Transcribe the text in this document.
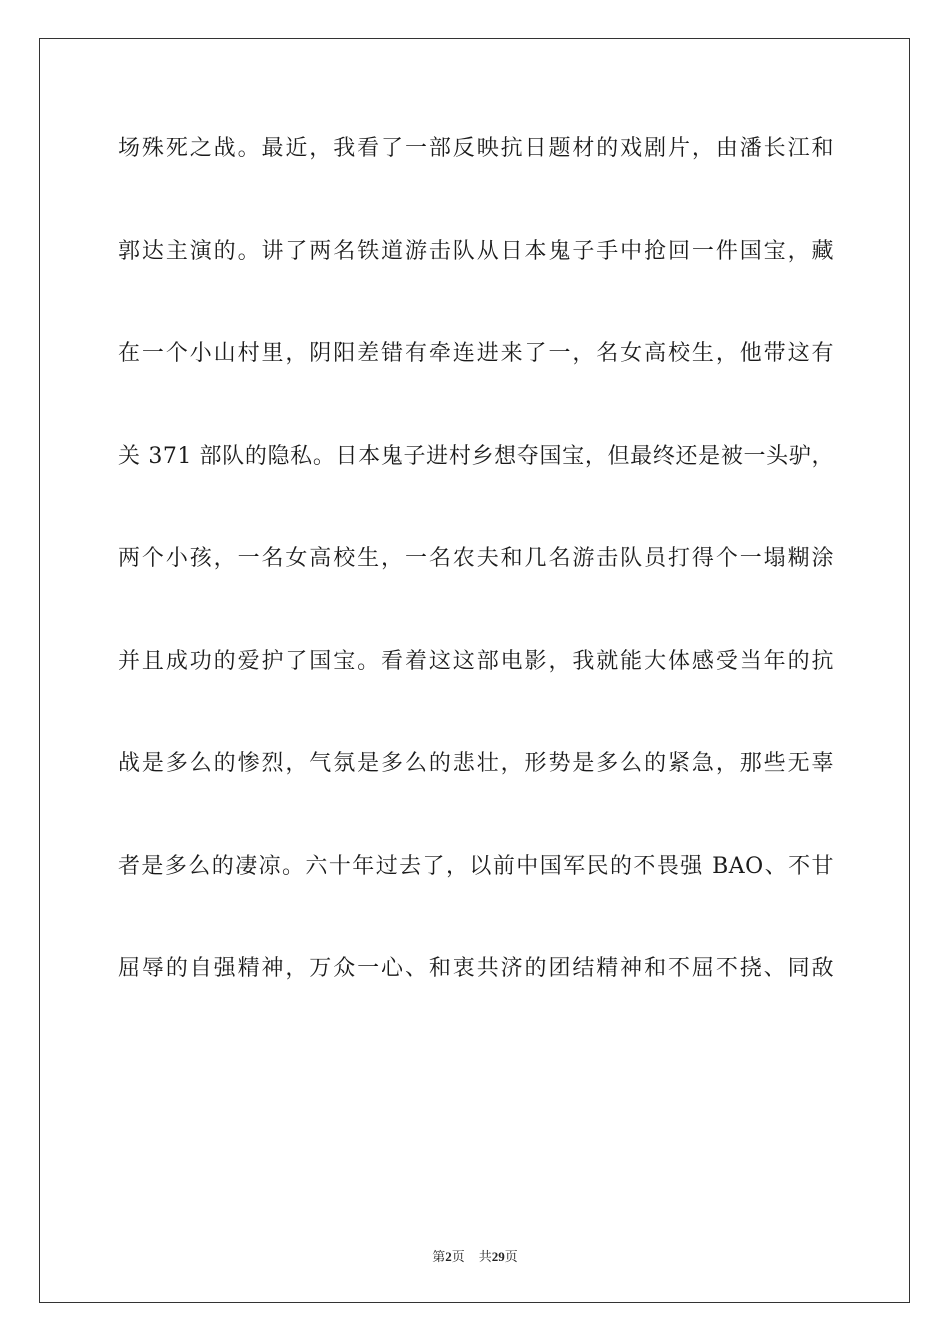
场殊死之战。最近，我看了一部反映抗日题材的戏剧片，由潘长江和
郭达主演的。讲了两名铁道游击队从日本鬼子手中抢回一件国宝，藏
在一个小山村里，阴阳差错有牵连进来了一，名女高校生，他带这有
关 371 部队的隐私。日本鬼子进村乡想夺国宝，但最终还是被一头驴，
两个小孩，一名女高校生，一名农夫和几名游击队员打得个一塌糊涂
并且成功的爱护了国宝。看着这这部电影，我就能大体感受当年的抗
战是多么的惨烈，气氛是多么的悲壮，形势是多么的紧急，那些无辜
者是多么的凄凉。六十年过去了，以前中国军民的不畏强 BAO、不甘
屈辱的自强精神，万众一心、和衷共济的团结精神和不屈不挠、同敌
第2页 共29页
